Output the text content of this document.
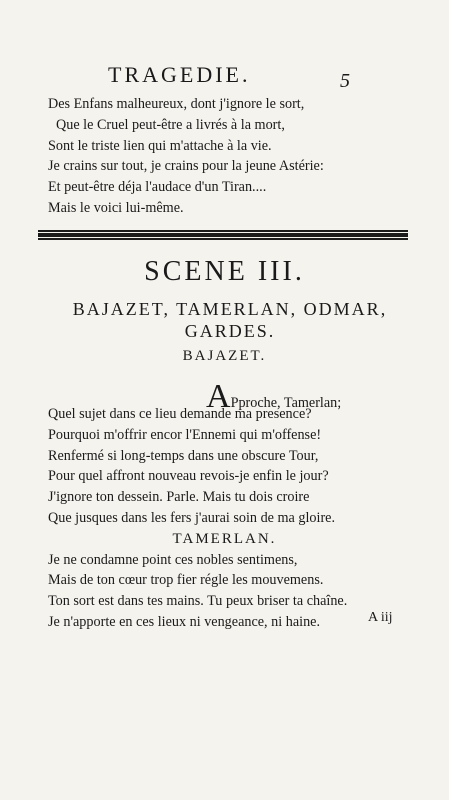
TRAGEDIE.	5
Des Enfans malheureux, dont j'ignore le sort,
Que le Cruel peut-être a livrés à la mort,
Sont le triste lien qui m'attache à la vie.
Je crains sur tout, je crains pour la jeune Astérie:
Et peut-être déja l'audace d'un Tiran....
Mais le voici lui-même.
SCENE III.
BAJAZET, TAMERLAN, ODMAR,
GARDES.
BAJAZET.
APproche, Tamerlan;
Quel sujet dans ce lieu demande ma presence?
Pourquoi m'offrir encor l'Ennemi qui m'offense!
Renfermé si long-temps dans une obscure Tour,
Pour quel affront nouveau revois-je enfin le jour?
J'ignore ton dessein. Parle. Mais tu dois croire
Que jusques dans les fers j'aurai soin de ma gloire.
TAMERLAN.
Je ne condamne point ces nobles sentimens,
Mais de ton cœur trop fier régle les mouvemens.
Ton sort est dans tes mains. Tu peux briser ta chaîne.
Je n'apporte en ces lieux ni vengeance, ni haine.	A iij
